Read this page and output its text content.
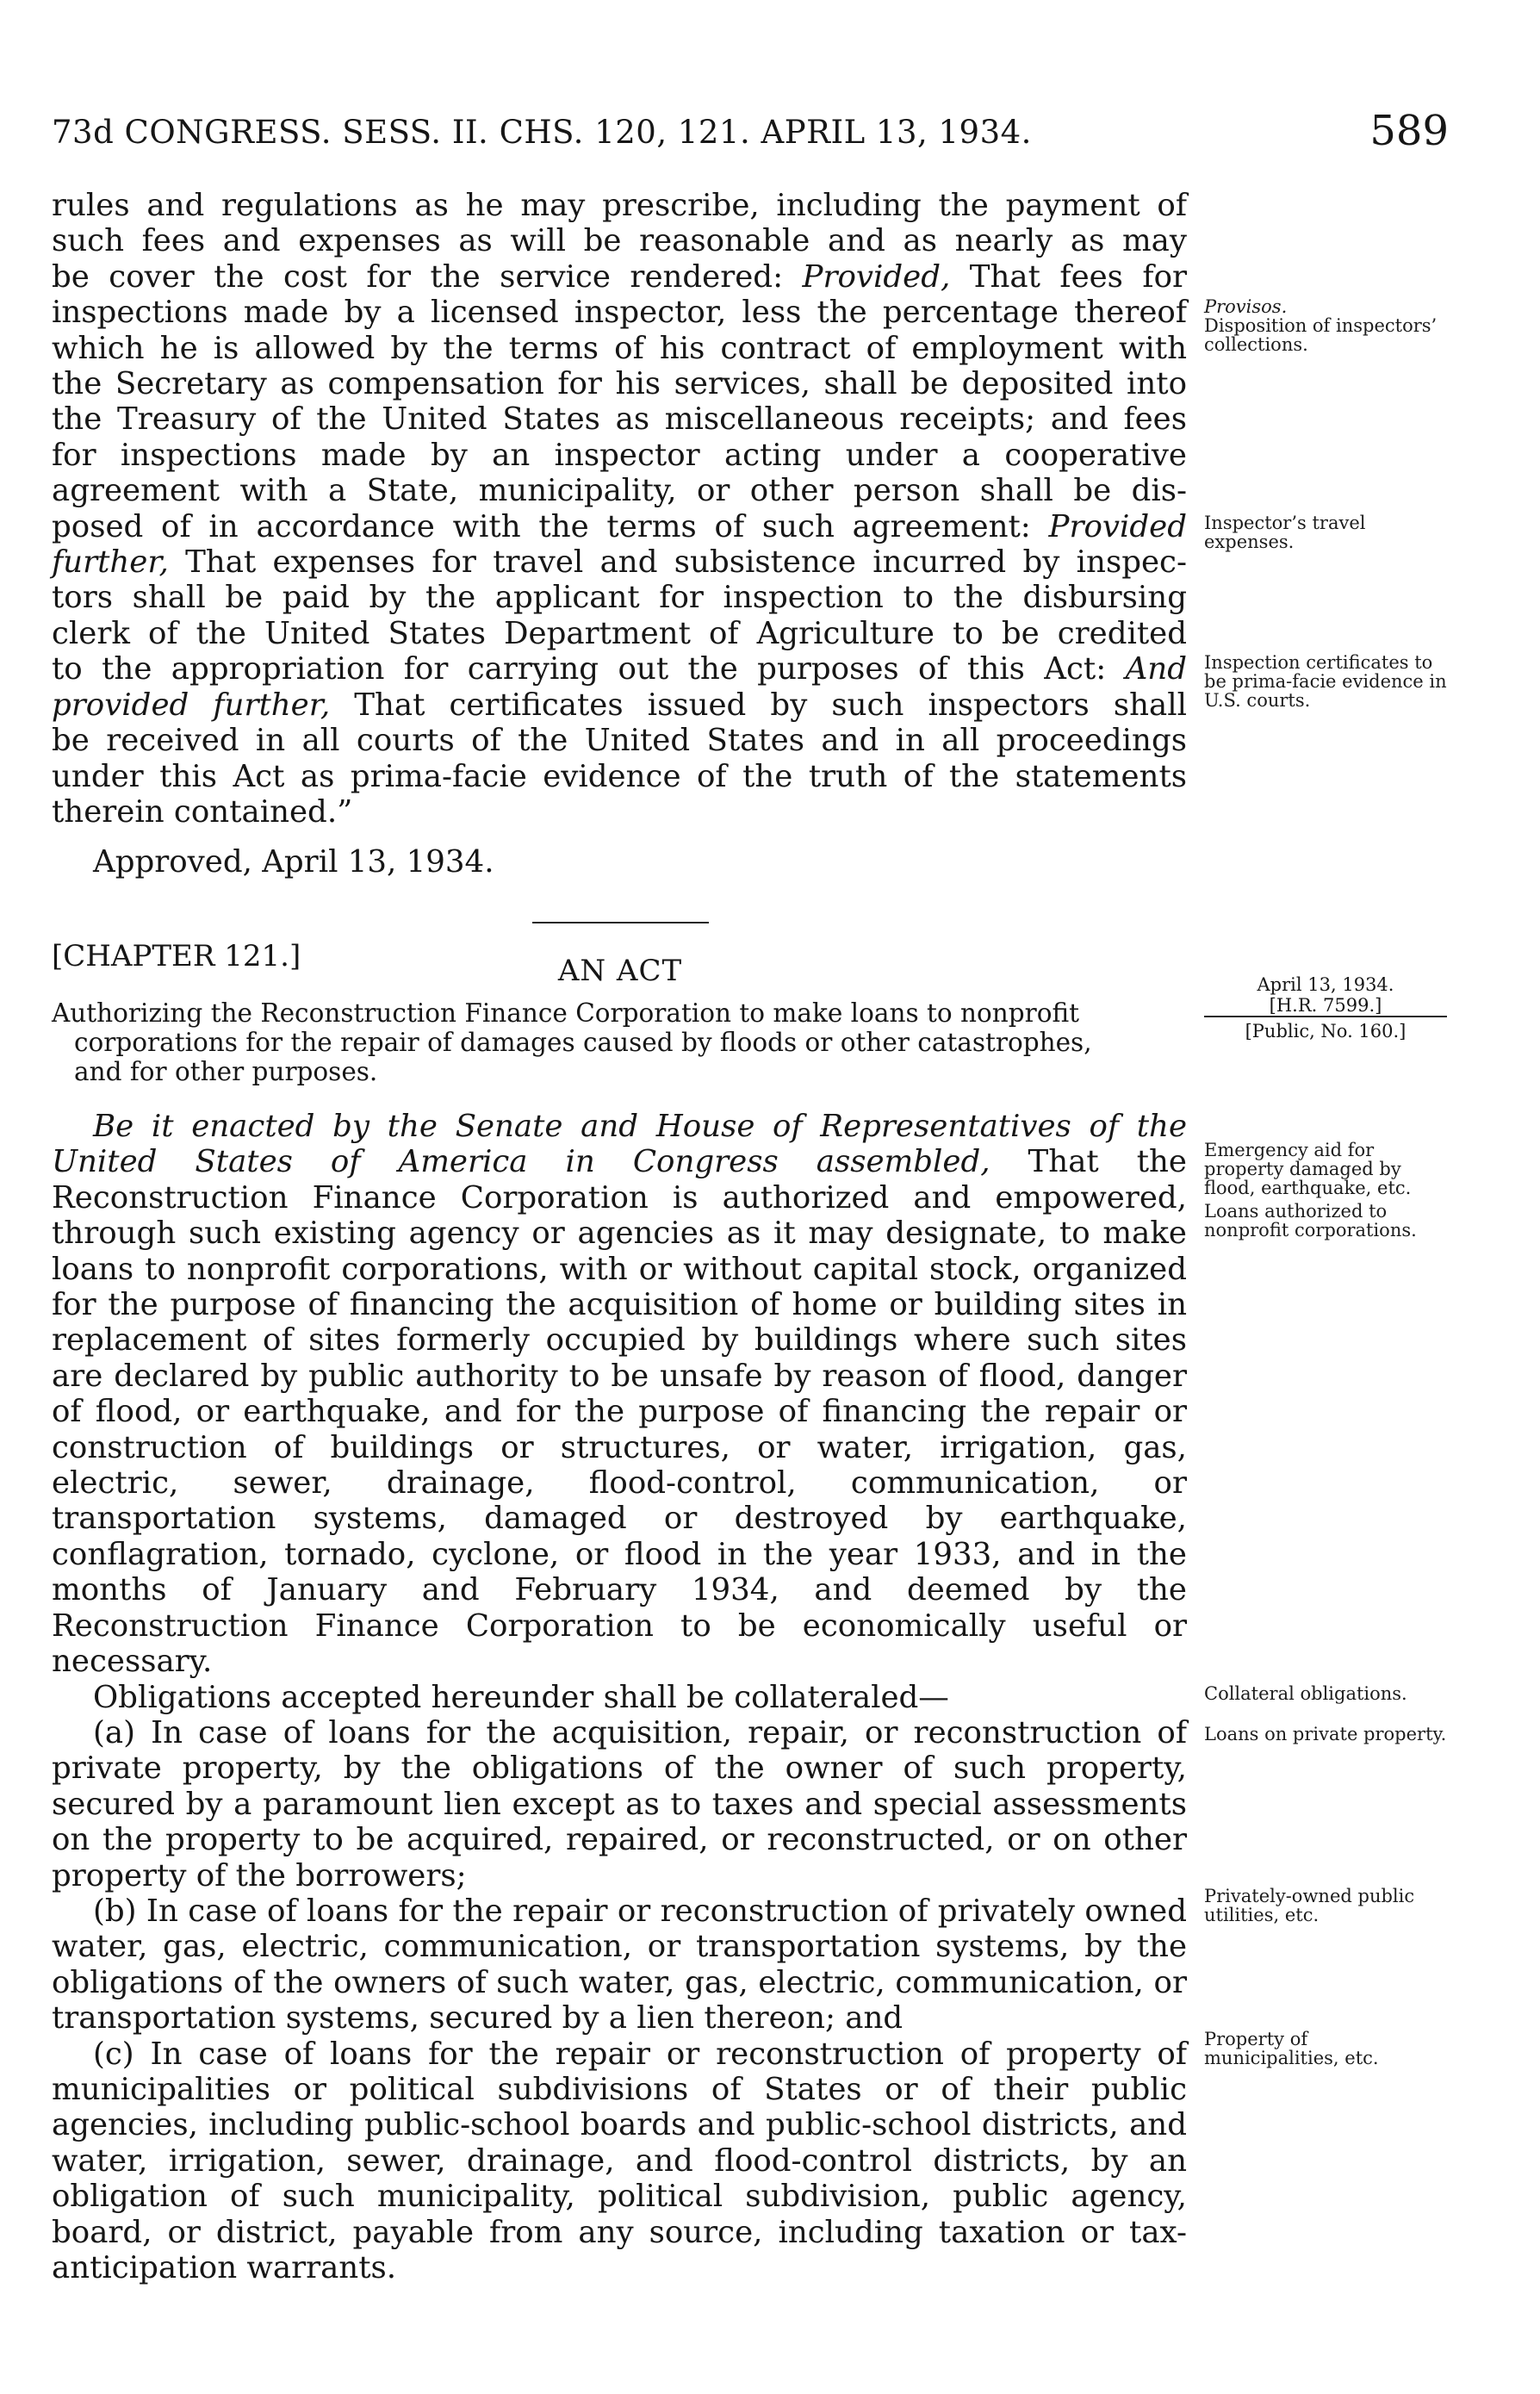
73d CONGRESS. SESS. II. CHS. 120, 121. APRIL 13, 1934.	589

rules and regulations as he may prescribe, including the payment of

such fees and expenses as will be reasonable and as nearly as may

be cover the cost for the service rendered: Provided, That fees for

inspections made by a licensed inspector, less the percentage thereof

which he is allowed by the terms of his contract of employment with

the Secretary as compensation for his services, shall be deposited into

the Treasury of the United States as miscellaneous receipts; and fees

for inspections made by an inspector acting under a cooperative

agreement with a State, municipality, or other person shall be dis-

posed of in accordance with the terms of such agreement: Provided further, That expenses for travel and subsistence incurred by inspec-

tors shall be paid by the applicant for inspection to the disbursing

clerk of the United States Department of Agriculture to be credited

to the appropriation for carrying out the purposes of this Act: And provided further, That certificates issued by such inspectors shall

be received in all courts of the United States and in all proceedings

under this Act as prima-facie evidence of the truth of the statements

therein contained.”

Approved, April 13, 1934.
[CHAPTER 121.]	AN ACT
Authorizing the Reconstruction Finance Corporation to make loans to nonprofit
corporations for the repair of damages caused by floods or other catastrophes,
and for other purposes.

Be it enacted by the Senate and House of Representatives of the United States of America in Congress assembled, That the Reconstruction Finance Corporation is authorized and empowered, through such existing agency or agencies as it may designate, to make loans to nonprofit corporations, with or without capital stock, organized for the purpose of financing the acquisition of home or building sites in replacement of sites formerly occupied by buildings where such sites are declared by public authority to be unsafe by reason of flood, danger of flood, or earthquake, and for the purpose of financing the repair or construction of buildings or structures, or water, irrigation, gas, electric, sewer, drainage, flood-control, communication, or transportation systems, damaged or destroyed by earthquake, conflagration, tornado, cyclone, or flood in the year 1933, and in the months of January and February 1934, and deemed by the Reconstruction Finance Corporation to be economically useful or necessary.

Obligations accepted hereunder shall be collateraled—

(a) In case of loans for the acquisition, repair, or reconstruction of private property, by the obligations of the owner of such property, secured by a paramount lien except as to taxes and special assessments on the property to be acquired, repaired, or reconstructed, or on other property of the borrowers;

(b) In case of loans for the repair or reconstruction of privately owned water, gas, electric, communication, or transportation systems, by the obligations of the owners of such water, gas, electric, communication, or transportation systems, secured by a lien thereon; and

(c) In case of loans for the repair or reconstruction of property of municipalities or political subdivisions of States or of their public agencies, including public-school boards and public-school districts, and water, irrigation, sewer, drainage, and flood-control districts, by an obligation of such municipality, political subdivision, public agency, board, or district, payable from any source, including taxation or tax-anticipation warrants.

Provisos.

Disposition of inspectors’ collections.

Inspector’s travel expenses.
Inspection certificates to be prima-facie evidence in U.S. courts.
April 13, 1934.
[H.R. 7599.]
[Public, No. 160.]
Emergency aid for property damaged by flood, earthquake, etc.
Loans authorized to nonprofit corporations.
Collateral obligations.
Loans on private property.
Privately-owned public utilities, etc.
Property of municipalities, etc.
